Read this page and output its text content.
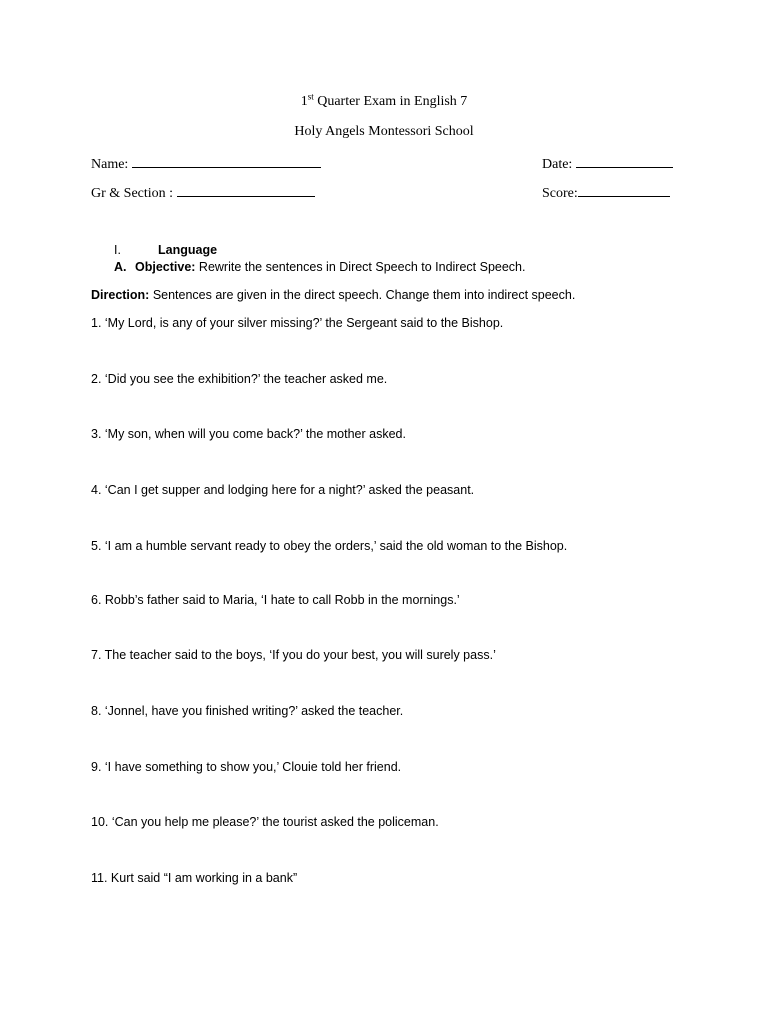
1st Quarter Exam in English 7
Holy Angels Montessori School
Name:	Date:
Gr & Section :	Score:
I.	Language
A. Objective: Rewrite the sentences in Direct Speech to Indirect Speech.
Direction: Sentences are given in the direct speech. Change them into indirect speech.
1. ‘My Lord, is any of your silver missing?’ the Sergeant said to the Bishop.
2. ‘Did you see the exhibition?’ the teacher asked me.
3. ‘My son, when will you come back?’ the mother asked.
4. ‘Can I get supper and lodging here for a night?’ asked the peasant.
5. ‘I am a humble servant ready to obey the orders,’ said the old woman to the Bishop.
6. Robb’s father said to Maria, ‘I hate to call Robb in the mornings.’
7. The teacher said to the boys, ‘If you do your best, you will surely pass.’
8. ‘Jonnel, have you finished writing?’ asked the teacher.
9. ‘I have something to show you,’ Clouie told her friend.
10. ‘Can you help me please?’ the tourist asked the policeman.
11. Kurt said “I am working in a bank”
